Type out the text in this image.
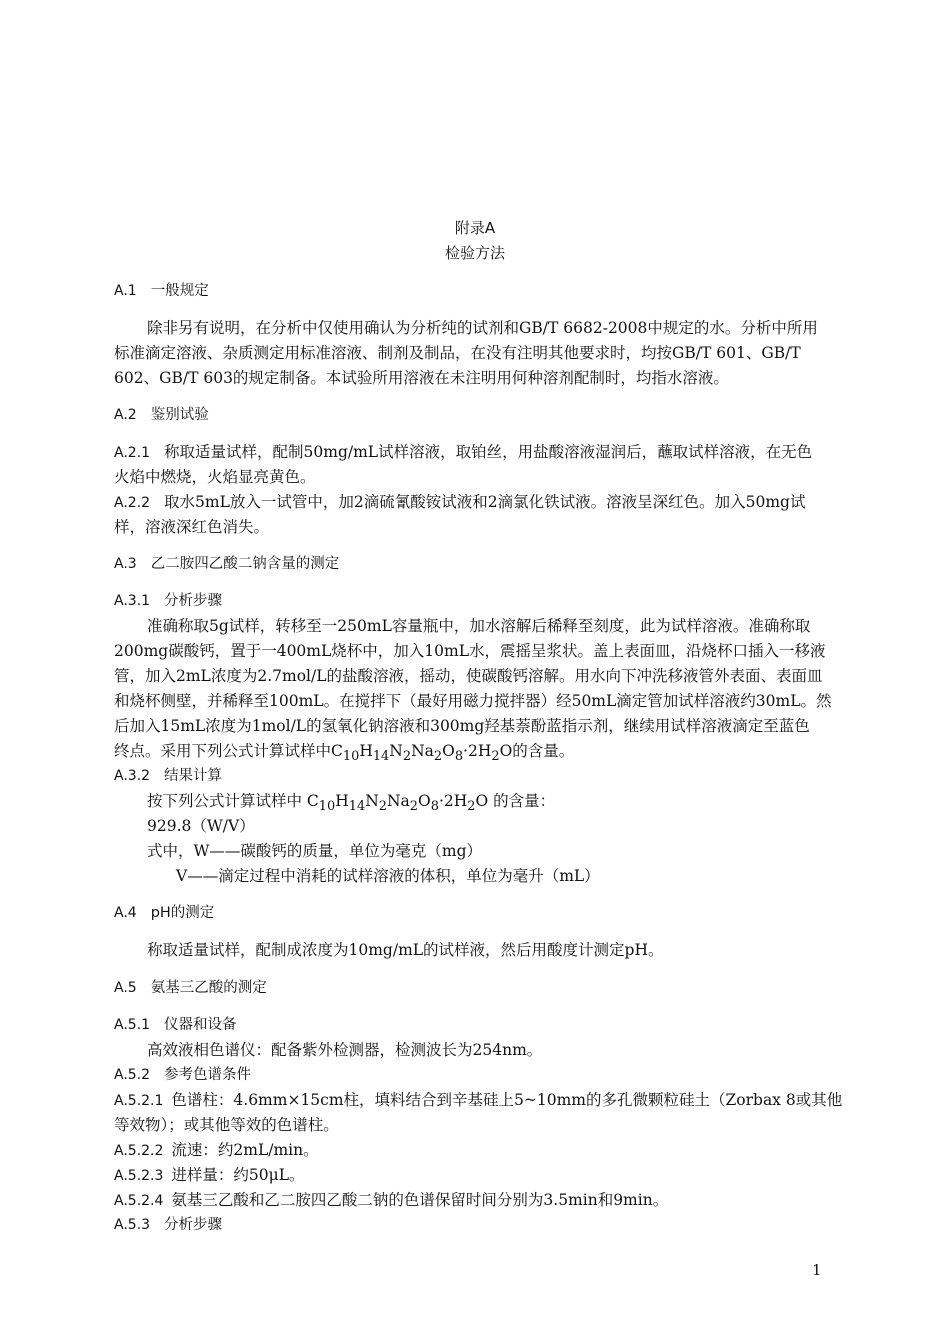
附录A
检验方法
A.1 一般规定
除非另有说明，在分析中仅使用确认为分析纯的试剂和GB/T 6682-2008中规定的水。分析中所用
标准滴定溶液、杂质测定用标准溶液、制剂及制品，在没有注明其他要求时，均按GB/T 601、GB/T
602、GB/T 603的规定制备。本试验所用溶液在未注明用何种溶剂配制时，均指水溶液。
A.2 鉴别试验
A.2.1 称取适量试样，配制50mg/mL试样溶液，取铂丝，用盐酸溶液湿润后，蘸取试样溶液，在无色
火焰中燃烧，火焰显亮黄色。
A.2.2 取水5mL放入一试管中，加2滴硫氰酸铵试液和2滴氯化铁试液。溶液呈深红色。加入50mg试
样，溶液深红色消失。
A.3 乙二胺四乙酸二钠含量的测定
A.3.1 分析步骤
准确称取5g试样，转移至一250mL容量瓶中，加水溶解后稀释至刻度，此为试样溶液。准确称取
200mg碳酸钙，置于一400mL烧杯中，加入10mL水，震摇呈浆状。盖上表面皿，沿烧杯口插入一移液
管，加入2mL浓度为2.7mol/L的盐酸溶液，摇动，使碳酸钙溶解。用水向下冲洗移液管外表面、表面皿
和烧杯侧壁，并稀释至100mL。在搅拌下（最好用磁力搅拌器）经50mL滴定管加试样溶液约30mL。然
后加入15mL浓度为1mol/L的氢氧化钠溶液和300mg羟基萘酚蓝指示剂，继续用试样溶液滴定至蓝色
终点。采用下列公式计算试样中$C_{10}H_{14}N_2Na_2O_8\cdot 2H_2O$的含量。
A.3.2 结果计算
按下列公式计算试样中 $C_{10}H_{14}N_2Na_2O_8\cdot 2H_2O$ 的含量：
929.8（W/V）
式中，W——碳酸钙的质量，单位为毫克（mg）
V——滴定过程中消耗的试样溶液的体积，单位为毫升（mL）
A.4 pH的测定
称取适量试样，配制成浓度为10mg/mL的试样液，然后用酸度计测定pH。
A.5 氨基三乙酸的测定
A.5.1 仪器和设备
高效液相色谱仪：配备紫外检测器，检测波长为254nm。
A.5.2 参考色谱条件
A.5.2.1 色谱柱：4.6mm×15cm柱，填料结合到辛基硅上5~10mm的多孔微颗粒硅土（Zorbax 8或其他
等效物）；或其他等效的色谱柱。
A.5.2.2 流速：约2mL/min。
A.5.2.3 进样量：约50μL。
A.5.2.4 氨基三乙酸和乙二胺四乙酸二钠的色谱保留时间分别为3.5min和9min。
A.5.3 分析步骤
1
